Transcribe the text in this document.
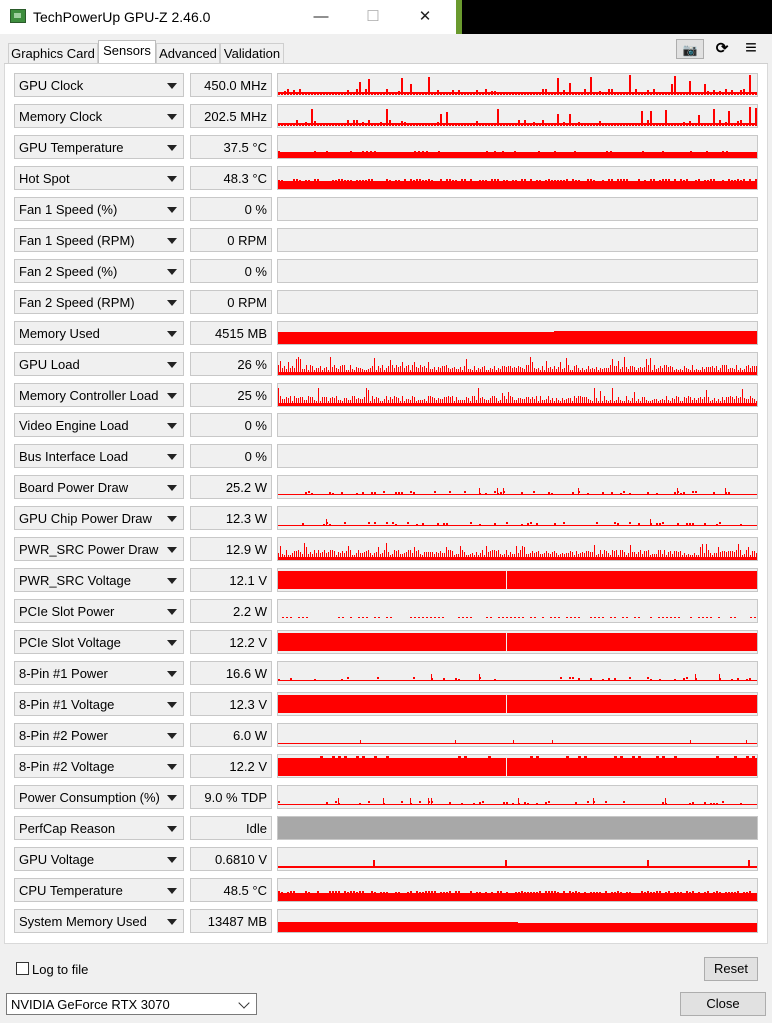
TechPowerUp GPU-Z 2.46.0	—	☐	✕
Graphics Card Sensors Advanced Validation	📷	⟳ ≡
GPU Clock	450.0 MHz
Memory Clock	202.5 MHz
GPU Temperature	37.5 °C
Hot Spot	48.3 °C
Fan 1 Speed (%)	0 %
Fan 1 Speed (RPM)	0 RPM
Fan 2 Speed (%)	0 %
Fan 2 Speed (RPM)	0 RPM
Memory Used	4515 MB
GPU Load	26 %
Memory Controller Load	25 %
Video Engine Load	0 %
Bus Interface Load	0 %
Board Power Draw	25.2 W
GPU Chip Power Draw	12.3 W
PWR_SRC Power Draw	12.9 W
PWR_SRC Voltage	12.1 V
PCIe Slot Power	2.2 W
PCIe Slot Voltage	12.2 V
8-Pin #1 Power	16.6 W
8-Pin #1 Voltage	12.3 V
8-Pin #2 Power	6.0 W
8-Pin #2 Voltage	12.2 V
Power Consumption (%)	9.0 % TDP
PerfCap Reason	Idle
GPU Voltage	0.6810 V
CPU Temperature	48.5 °C
System Memory Used	13487 MB
Log to file	Reset
NVIDIA GeForce RTX 3070	Close
